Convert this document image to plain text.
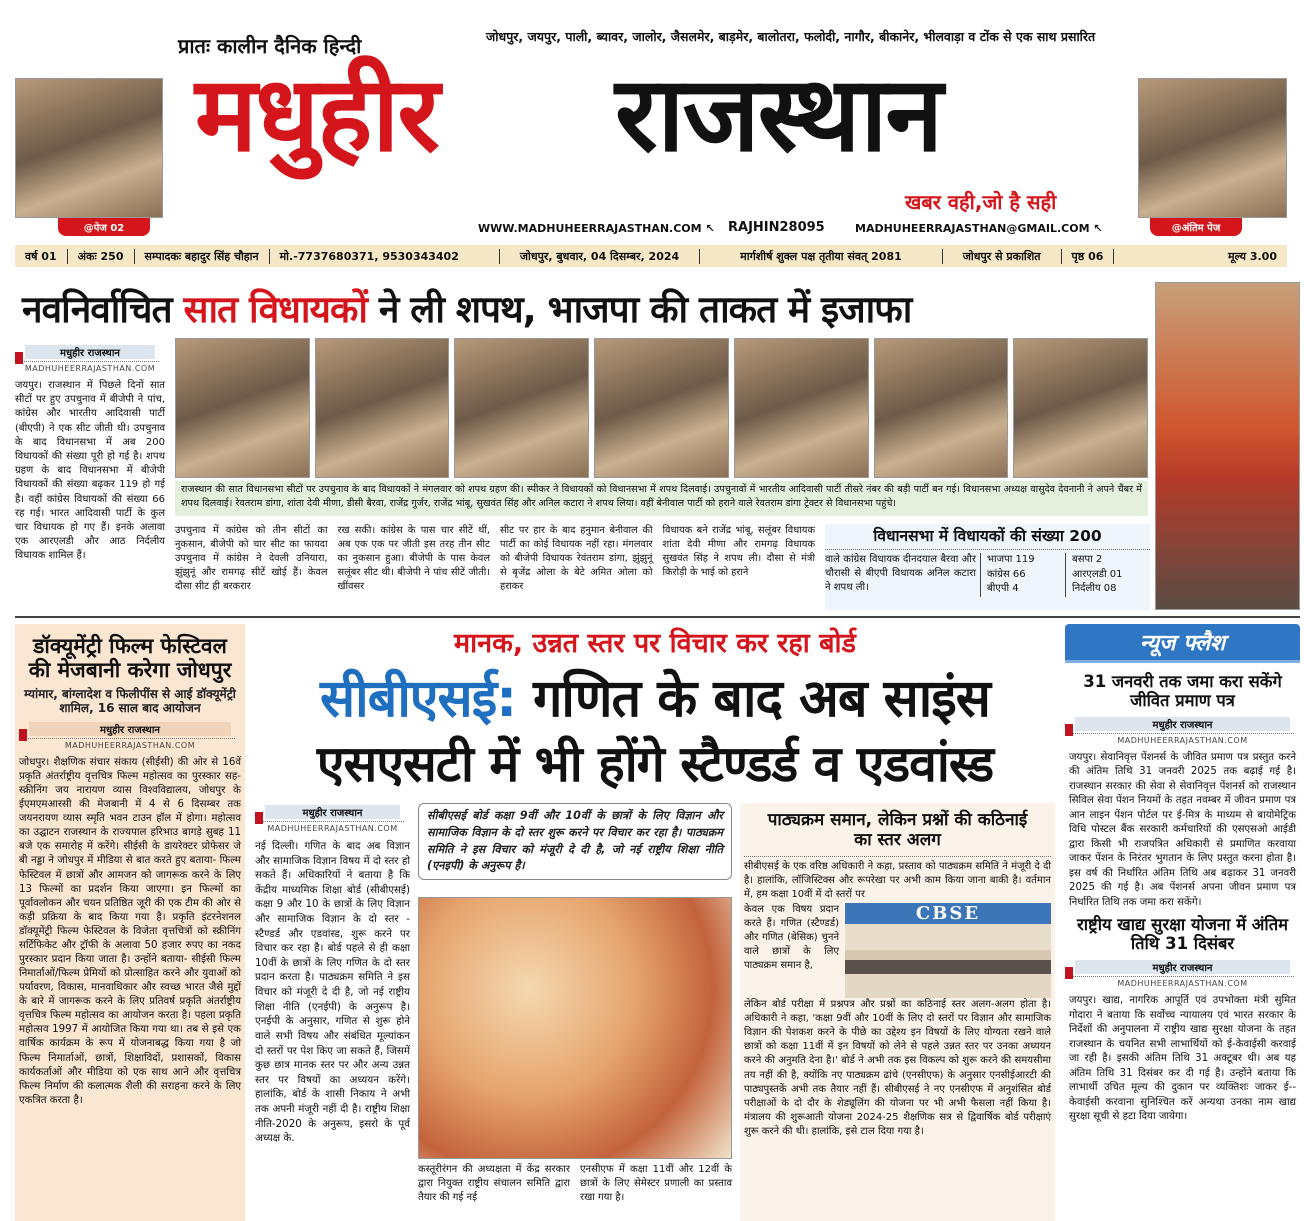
@पेज 02	@अंतिम पेज
प्रातः कालीन दैनिक हिन्दी	जोधपुर, जयपुर, पाली, ब्यावर, जालोर, जैसलमेर, बाड़मेर, बालोतरा, फलोदी, नागौर, बीकानेर, भीलवाड़ा व टोंक से एक साथ प्रसारित
मधुहीर राजस्थान
खबर वही,जो है सही
WWW.MADHUHEERRAJASTHAN.COM ↖ RAJHIN28095	MADHUHEERRAJASTHAN@GMAIL.COM ↖
वर्ष 01	अंकः 250	सम्पादकः बहादुर सिंह चौहान	मो.-7737680371, 9530343402	जोधपुर, बुधवार, 04 दिसम्बर, 2024	मार्गशीर्ष शुक्ल पक्ष तृतीया संवत् 2081	जोधपुर से प्रकाशित	पृष्ठ 06	मूल्य 3.00
नवनिर्वाचित सात विधायकों ने ली शपथ, भाजपा की ताकत में इजाफा
मधुहीर राजस्थान
MADHUHEERRAJASTHAN.COM
जयपुर। राजस्थान में पिछले दिनों सात सीटों पर हुए उपचुनाव में बीजेपी ने पांच, कांग्रेस और भारतीय आदिवासी पार्टी (बीएपी) ने एक सीट जीती थी। उपचुनाव के बाद विधानसभा में अब 200 विधायकों की संख्या पूरी हो गई है। शपथ ग्रहण के बाद विधानसभा में बीजेपी विधायकों की संख्या बढ़कर 119 हो गई है। वहीं कांग्रेस विधायकों की संख्या 66 रह गई। भारत आदिवासी पार्टी के कुल चार विधायक हो गए हैं। इनके अलावा एक आरएलडी और आठ निर्दलीय विधायक शामिल हैं।
राजस्थान की सात विधानसभा सीटों पर उपचुनाव के बाद विधायकों ने मंगलवार को शपथ ग्रहण की। स्पीकर ने विधायकों को विधानसभा में शपथ दिलवाई। उपचुनावों में भारतीय आदिवासी पार्टी तीसरे नंबर की बड़ी पार्टी बन गई। विधानसभा अध्यक्ष वासुदेव देवनानी ने अपने चैंबर में शपथ दिलवाई। रेवतराम डांगा, शांता देवी मीणा, डीसी बैरवा, राजेंद्र गुर्जर, राजेंद्र भांबू, सुखवंत सिंह और अनिल कटारा ने शपथ लिया। वहीं बेनीवाल पार्टी को हराने वाले रेवतराम डांगा ट्रेक्टर से विधानसभा पहुंचे।
उपचुनाव में कांग्रेस को तीन सीटों का नुकसान, बीजेपी को चार सीट का फायदा उपचुनाव में कांग्रेस ने देवली उनियारा, झुंझुनूं और रामगढ़ सीटें खोई हैं। केवल दौसा सीट ही बरकरार
रख सकी। कांग्रेस के पास चार सीटें थीं, अब एक एक पर जीती इस तरह तीन सीट का नुकसान हुआ। बीजेपी के पास केवल सलूंबर सीट थी। बीजेपी ने पांच सीटें जीती। खींवसर
सीट पर हार के बाद हनुमान बेनीवाल की पार्टी का कोई विधायक नहीं रहा। मंगलवार को बीजेपी विधायक रेवंतराम डांगा, झुंझुनूं से बृजेंद्र ओला के बेटे अमित ओला को हराकर
विधायक बने राजेंद्र भांबू, सलूंबर विधायक शांता देवी मीणा और रामगढ़ विधायक सुखवंत सिंह ने शपथ ली। दौसा से मंत्री किरोड़ी के भाई को हराने
विधानसभा में विधायकों की संख्या 200
वाले कांग्रेस विधायक दीनदयाल बैरवा और चौरासी से बीएपी विधायक अनिल कटारा ने शपथ ली।
भाजपा 119
कांग्रेस 66
बीएपी 4
बसपा 2
आरएलडी 01
निर्दलीय 08
डॉक्यूमेंट्री फिल्म फेस्टिवल की मेजबानी करेगा जोधपुर
म्यांमार, बांग्लादेश व फिलीपींस से आई डॉक्यूमेंट्री शामिल, 16 साल बाद आयोजन
मधुहीर राजस्थान
MADHUHEERRAJASTHAN.COM
जोधपुर। शैक्षणिक संचार संकाय (सीईसी) की ओर से 16वें प्रकृति अंतर्राष्ट्रीय वृत्तचित्र फिल्म महोत्सव का पुरस्कार सह-स्क्रीनिंग जय नारायण व्यास विश्वविद्यालय, जोधपुर के ईएमएमआरसी की मेजबानी में 4 से 6 दिसम्बर तक जयनरायण व्यास स्मृति भवन टाउन हॉल में होगा। महोत्सव का उद्घाटन राजस्थान के राज्यपाल हरिभाउ बागड़े सुबह 11 बजे एक समारोह में करेंगे। सीईसी के डायरेक्टर प्रोफेसर जे बी नड्डा ने जोधपुर में मीडिया से बात करते हुए बताया- फिल्म फेस्टिवल में छात्रों और आमजन को जागरूक करने के लिए 13 फिल्मों का प्रदर्शन किया जाएगा। इन फिल्मों का पूर्वावलोकन और चयन प्रतिष्ठित जूरी की एक टीम की ओर से कड़ी प्रक्रिया के बाद किया गया है। प्रकृति इंटरनेशनल डॉक्यूमेंट्री फिल्म फेस्टिवल के विजेता वृत्तचित्रों को स्क्रीनिंग सर्टिफिकेट और ट्रॉफी के अलावा 50 हजार रुपए का नकद पुरस्कार प्रदान किया जाता है। उन्होंने बताया- सीईसी फिल्म निमार्ताओं/फिल्म प्रेमियों को प्रोत्साहित करने और युवाओं को पर्यावरण, विकास, मानवाधिकार और स्वच्छ भारत जैसे मुद्दों के बारे में जागरूक करने के लिए प्रतिवर्ष प्रकृति अंतर्राष्ट्रीय वृत्तचित्र फिल्म महोत्सव का आयोजन करता है। पहला प्रकृति महोत्सव 1997 में आयोजित किया गया था। तब से इसे एक वार्षिक कार्यक्रम के रूप में योजनाबद्ध किया गया है जो फिल्म निमार्ताओं, छात्रों, शिक्षाविदों, प्रशासकों, विकास कार्यकर्ताओं और मीडिया को एक साथ आने और वृत्तचित्र फिल्म निर्माण की कलात्मक शैली की सराहना करने के लिए एकत्रित करता है।
मानक, उन्नत स्तर पर विचार कर रहा बोर्ड
सीबीएसई: गणित के बाद अब साइंस
एसएसटी में भी होंगे स्टैण्डर्ड व एडवांस्ड
मधुहीर राजस्थान
MADHUHEERRAJASTHAN.COM
नई दिल्ली। गणित के बाद अब विज्ञान और सामाजिक विज्ञान विषय में दो स्तर हो सकते हैं। अधिकारियों ने बताया है कि केंद्रीय माध्यमिक शिक्षा बोर्ड (सीबीएसई) कक्षा 9 और 10 के छात्रों के लिए विज्ञान और सामाजिक विज्ञान के दो स्तर - स्टैण्डर्ड और एडवांस्ड, शुरू करने पर विचार कर रहा है। बोर्ड पहले से ही कक्षा 10वीं के छात्रों के लिए गणित के दो स्तर प्रदान करता है। पाठ्यक्रम समिति ने इस विचार को मंजूरी दे दी है, जो नई राष्ट्रीय शिक्षा नीति (एनईपी) के अनुरूप है। एनईपी के अनुसार, गणित से शुरू होने वाले सभी विषय और संबंधित मूल्यांकन दो स्तरों पर पेश किए जा सकते हैं, जिसमें कुछ छात्र मानक स्तर पर और अन्य उन्नत स्तर पर विषयों का अध्ययन करेंगे। हालांकि, बोर्ड के शासी निकाय ने अभी तक अपनी मंजूरी नहीं दी है। राष्ट्रीय शिक्षा नीति-2020 के अनुरूप, इसरो के पूर्व अध्यक्ष के.
सीबीएसई बोर्ड कक्षा 9वीं और 10वीं के छात्रों के लिए विज्ञान और सामाजिक विज्ञान के दो स्तर शुरू करने पर विचार कर रहा है। पाठ्यक्रम समिति ने इस विचार को मंजूरी दे दी है, जो नई राष्ट्रीय शिक्षा नीति (एनइपी) के अनुरूप है।
कस्तूरीरंगन की अध्यक्षता में केंद्र सरकार द्वारा नियुक्त राष्ट्रीय संचालन समिति द्वारा तैयार की गई नई
एनसीएफ में कक्षा 11वीं और 12वीं के छात्रों के लिए सेमेस्टर प्रणाली का प्रस्ताव रखा गया है।
पाठ्यक्रम समान, लेकिन प्रश्नों की कठिनाई का स्तर अलग
सीबीएसई के एक वरिष्ठ अधिकारी ने कहा, प्रस्ताव को पाठ्यक्रम समिति ने मंजूरी दे दी है। हालांकि, लॉजिस्टिक्स और रूपरेखा पर अभी काम किया जाना बाकी है। वर्तमान में, हम कक्षा 10वीं में दो स्तरों पर
केवल एक विषय प्रदान करते हैं। गणित (स्टैण्डर्ड) और गणित (बेसिक) चुनने वाले छात्रों के लिए पाठ्यक्रम समान है,
CBSE
लेकिन बोर्ड परीक्षा में प्रश्नपत्र और प्रश्नों का कठिनाई स्तर अलग-अलग होता है। अधिकारी ने कहा, 'कक्षा 9वीं और 10वीं के लिए दो स्तरों पर विज्ञान और सामाजिक विज्ञान की पेशकश करने के पीछे का उद्देश्य इन विषयों के लिए योग्यता रखने वाले छात्रों को कक्षा 11वीं में इन विषयों को लेने से पहले उन्नत स्तर पर उनका अध्ययन करने की अनुमति देना है।' बोर्ड ने अभी तक इस विकल्प को शुरू करने की समयसीमा तय नहीं की है, क्योंकि नए पाठ्यक्रम ढांचे (एनसीएफ) के अनुसार एनसीईआरटी की पाठ्यपुस्तकें अभी तक तैयार नहीं हैं। सीबीएसई ने नए एनसीएफ में अनुशंसित बोर्ड परीक्षाओं के दो दौर के शेड्यूलिंग की योजना पर भी अभी फैसला नहीं किया है। मंत्रालय की शुरूआती योजना 2024-25 शैक्षणिक सत्र से द्विवार्षिक बोर्ड परीक्षाएं शुरू करने की थी। हालांकि, इसे टाल दिया गया है।
न्यूज फ्लैश
31 जनवरी तक जमा करा सकेंगे जीवित प्रमाण पत्र
मधुहीर राजस्थान
MADHUHEERRAJASTHAN.COM
जयपुर। सेवानिवृत्त पेंशनर्स के जीवित प्रमाण पत्र प्रस्तुत करने की अंतिम तिथि 31 जनवरी 2025 तक बढ़ाई गई है। राजस्थान सरकार की सेवा से सेवानिवृत्त पेंशनर्स को राजस्थान सिविल सेवा पेंशन नियमों के तहत नवम्बर में जीवन प्रमाण पत्र आन लाइन पेंशन पोर्टल पर ई-मित्र के माध्यम से बायोमेट्रिक विधि पोस्टल बैंक सरकारी कर्मचारियों की एसएसओ आईडी द्वारा किसी भी राजपत्रित अधिकारी से प्रमाणित करवाया जाकर पेंशन के निरंतर भुगतान के लिए प्रस्तुत करना होता है। इस वर्ष की निर्धारित अंतिम तिथि अब बढ़ाकर 31 जनवरी 2025 की गई है। अब पेंशनर्स अपना जीवन प्रमाण पत्र निर्धारित तिथि तक जमा करा सकेंगे।
राष्ट्रीय खाद्य सुरक्षा योजना में अंतिम तिथि 31 दिसंबर
मधुहीर राजस्थान
MADHUHEERRAJASTHAN.COM
जयपुर। खाद्य, नागरिक आपूर्ति एवं उपभोक्ता मंत्री सुमित गोदारा ने बताया कि सर्वोच्च न्यायालय एवं भारत सरकार के निर्देशों की अनुपालना में राष्ट्रीय खाद्य सुरक्षा योजना के तहत राजस्थान के चयनित सभी लाभार्थियों को ई-केवाईसी करवाई जा रही है। इसकी अंतिम तिथि 31 अक्टूबर थी। अब यह अंतिम तिथि 31 दिसंबर कर दी गई है। उन्होंने बताया कि लाभार्थी उचित मूल्य की दुकान पर व्यक्तिशः जाकर ई--केवाईसी करवाना सुनिश्चित करें अन्यथा उनका नाम खाद्य सुरक्षा सूची से हटा दिया जायेगा।
